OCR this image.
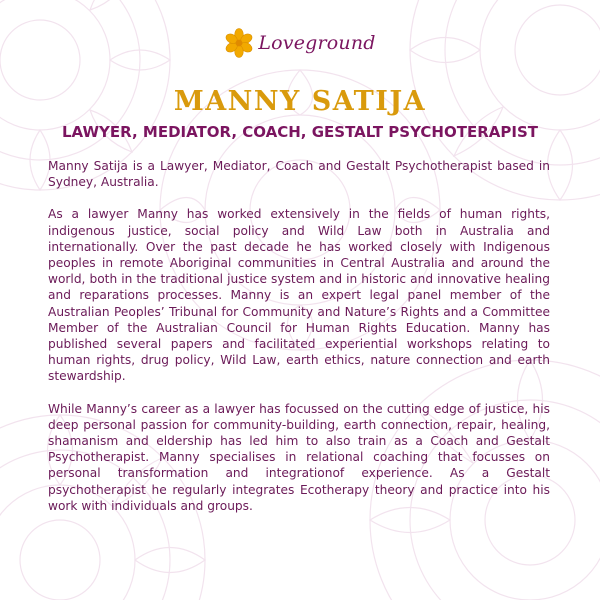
Loveground
MANNY SATIJA
LAWYER, MEDIATOR, COACH, GESTALT PSYCHOTERAPIST

Manny Satija is a Lawyer, Mediator, Coach and Gestalt Psychotherapist based in Sydney, Australia.

As a lawyer Manny has worked extensively in the fields of human rights, indigenous justice, social policy and Wild Law both in Australia and internationally. Over the past decade he has worked closely with Indigenous peoples in remote Aboriginal communities in Central Australia and around the world, both in the traditional justice system and in historic and innovative healing and reparations processes. Manny is an expert legal panel member of the Australian Peoples’ Tribunal for Community and Nature’s Rights and a Committee Member of the Australian Council for Human Rights Education. Manny has published several papers and facilitated experiential workshops relating to human rights, drug policy, Wild Law, earth ethics, nature connection and earth stewardship.

While Manny’s career as a lawyer has focussed on the cutting edge of justice, his deep personal passion for community-building, earth connection, repair, healing, shamanism and eldership has led him to also train as a Coach and Gestalt Psychotherapist. Manny specialises in relational coaching that focusses on personal transformation and integrationof experience. As a Gestalt psychotherapist he regularly integrates Ecotherapy theory and practice into his work with individuals and groups.
